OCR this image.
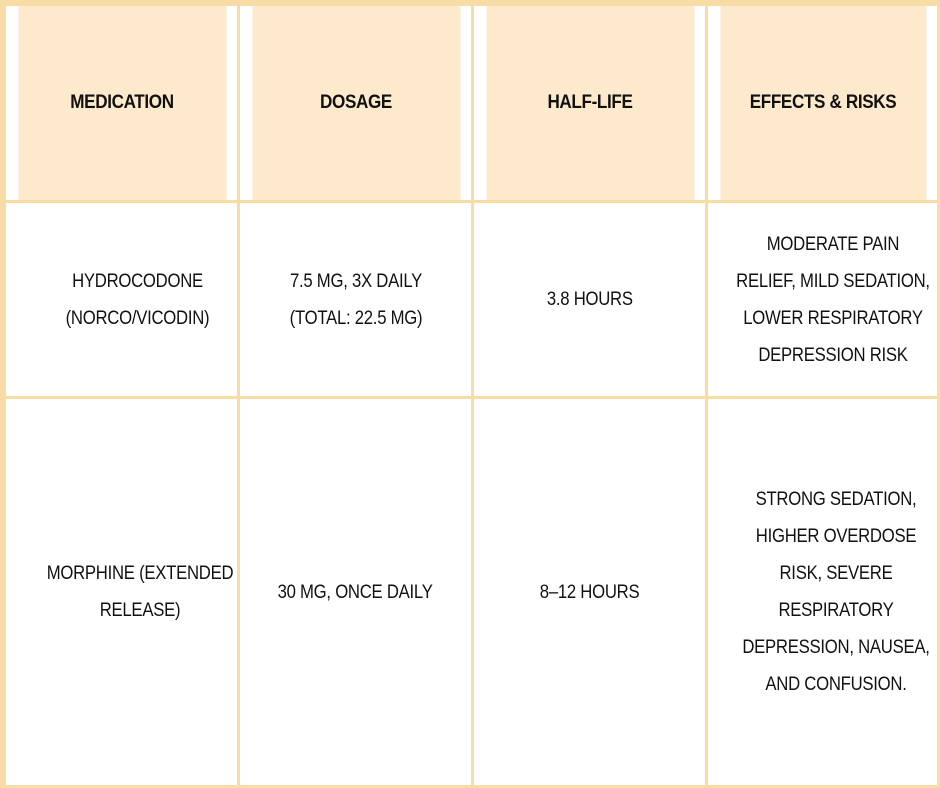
MEDICATION	DOSAGE	HALF-LIFE	EFFECTS & RISKS
HYDROCODONE (NORCO/VICODIN)	7.5 MG, 3X DAILY (TOTAL: 22.5 MG)	3.8 HOURS	MODERATE PAIN RELIEF, MILD SEDATION, LOWER RESPIRATORY DEPRESSION RISK
MORPHINE (EXTENDED RELEASE)	30 MG, ONCE DAILY	8–12 HOURS	STRONG SEDATION, HIGHER OVERDOSE RISK, SEVERE RESPIRATORY DEPRESSION, NAUSEA, AND CONFUSION.
